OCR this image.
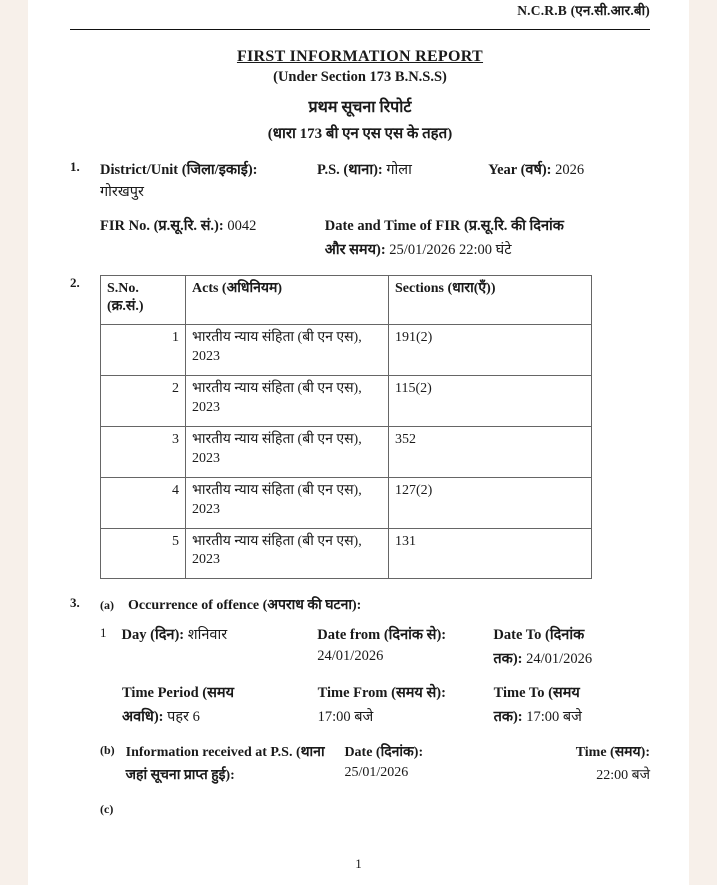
N.C.R.B (एन.सी.आर.बी)
FIRST INFORMATION REPORT
(Under Section 173 B.N.S.S)
प्रथम सूचना रिपोर्ट
(धारा 173 बी एन एस एस के तहत)
1.	District/Unit (जिला/इकाई):	P.S. (थाना): गोला	Year (वर्ष): 2026
गोरखपुर
FIR No. (प्र.सू.रि. सं.): 0042	Date and Time of FIR (प्र.सू.रि. की दिनांक
और समय): 25/01/2026 22:00 घंटे
2.	S.No.
(क्र.सं.)	Acts (अधिनियम)	Sections (धारा(एँ))
1	भारतीय न्याय संहिता (बी एन एस), 2023	191(2)
2	भारतीय न्याय संहिता (बी एन एस), 2023	115(2)
3	भारतीय न्याय संहिता (बी एन एस), 2023	352
4	भारतीय न्याय संहिता (बी एन एस), 2023	127(2)
5	भारतीय न्याय संहिता (बी एन एस), 2023	131
3.	(a) Occurrence of offence (अपराध की घटना):
1	Day (दिन): शनिवार	Date from (दिनांक से):
24/01/2026
Date To (दिनांक
तक): 24/01/2026
Time Period (समय
अवधि): पहर 6
Time From (समय से):
17:00 बजे
Time To (समय
तक): 17:00 बजे
(b) Information received at P.S. (थाना
जहां सूचना प्राप्त हुई):
Date (दिनांक):
25/01/2026
Time (समय):
22:00 बजे
(c)
1
